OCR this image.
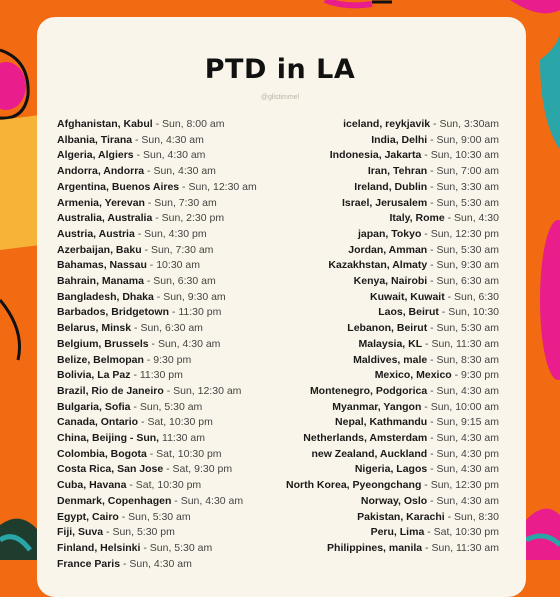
PTD in LA
@glistimmel
Afghanistan, Kabul - Sun, 8:00 am
Albania, Tirana - Sun, 4:30 am
Algeria, Algiers - Sun, 4:30 am
Andorra, Andorra - Sun, 4:30 am
Argentina, Buenos Aires - Sun, 12:30 am
Armenia, Yerevan - Sun, 7:30 am
Australia, Australia - Sun, 2:30 pm
Austria, Austria - Sun, 4:30 pm
Azerbaijan, Baku - Sun, 7:30 am
Bahamas, Nassau - 10:30 am
Bahrain, Manama - Sun, 6:30 am
Bangladesh, Dhaka - Sun, 9:30 am
Barbados, Bridgetown - 11:30 pm
Belarus, Minsk - Sun, 6:30 am
Belgium, Brussels - Sun, 4:30 am
Belize, Belmopan - 9:30 pm
Bolivia, La Paz - 11:30 pm
Brazil, Rio de Janeiro - Sun, 12:30 am
Bulgaria, Sofia - Sun, 5:30 am
Canada, Ontario - Sat, 10:30 pm
China, Beijing - Sun, 11:30 am
Colombia, Bogota - Sat, 10:30 pm
Costa Rica, San Jose - Sat, 9:30 pm
Cuba, Havana - Sat, 10:30 pm
Denmark, Copenhagen - Sun, 4:30 am
Egypt, Cairo - Sun, 5:30 am
Fiji, Suva - Sun, 5:30 pm
Finland, Helsinki - Sun, 5:30 am
France Paris - Sun, 4:30 am
iceland, reykjavik - Sun, 3:30am
India, Delhi - Sun, 9:00 am
Indonesia, Jakarta - Sun, 10:30 am
Iran, Tehran - Sun, 7:00 am
Ireland, Dublin - Sun, 3:30 am
Israel, Jerusalem - Sun, 5:30 am
Italy, Rome - Sun, 4:30
japan, Tokyo - Sun, 12:30 pm
Jordan, Amman - Sun, 5:30 am
Kazakhstan, Almaty - Sun, 9:30 am
Kenya, Nairobi - Sun, 6:30 am
Kuwait, Kuwait - Sun, 6:30
Laos, Beirut - Sun, 10:30
Lebanon, Beirut - Sun, 5:30 am
Malaysia, KL - Sun, 11:30 am
Maldives, male - Sun, 8:30 am
Mexico, Mexico - 9:30 pm
Montenegro, Podgorica - Sun, 4:30 am
Myanmar, Yangon - Sun, 10:00 am
Nepal, Kathmandu - Sun, 9:15 am
Netherlands, Amsterdam - Sun, 4:30 am
new Zealand, Auckland - Sun, 4:30 pm
Nigeria, Lagos - Sun, 4:30 am
North Korea, Pyeongchang - Sun, 12:30 pm
Norway, Oslo - Sun, 4:30 am
Pakistan, Karachi - Sun, 8:30
Peru, Lima - Sat, 10:30 pm
Philippines, manila - Sun, 11:30 am
